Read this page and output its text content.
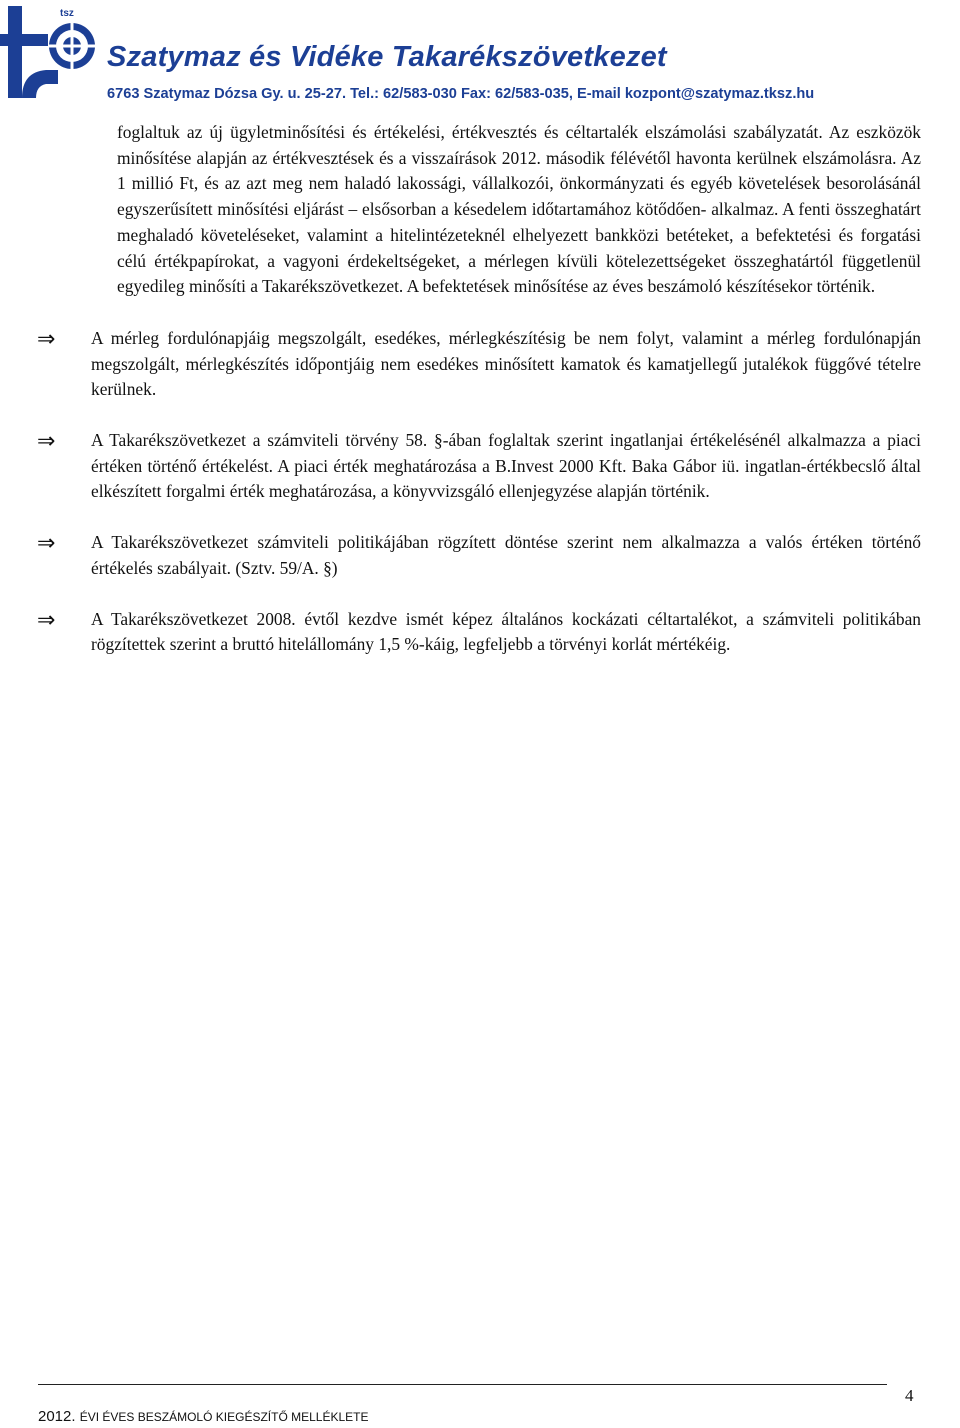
tsz
Szatymaz és Vidéke Takarékszövetkezet
6763 Szatymaz Dózsa Gy. u. 25-27. Tel.: 62/583-030 Fax: 62/583-035, E-mail kozpont@szatymaz.tksz.hu

foglaltuk az új ügyletminősítési és értékelési, értékvesztés és céltartalék elszámolási szabályzatát. Az eszközök minősítése alapján az értékvesztések és a visszaírások 2012. második félévétől havonta kerülnek elszámolásra. Az 1 millió Ft, és az azt meg nem haladó lakossági, vállalkozói, önkormányzati és egyéb követelések besorolásánál egyszerűsített minősítési eljárást – elsősorban a késedelem időtartamához kötődően- alkalmaz. A fenti összeghatárt meghaladó követeléseket, valamint a hitelintézeteknél elhelyezett bankközi betéteket, a befektetési és forgatási célú értékpapírokat, a vagyoni érdekeltségeket, a mérlegen kívüli kötelezettségeket összeghatártól függetlenül egyedileg minősíti a Takarékszövetkezet. A befektetések minősítése az éves beszámoló készítésekor történik.

⇒ A mérleg fordulónapjáig megszolgált, esedékes, mérlegkészítésig be nem folyt, valamint a mérleg fordulónapján megszolgált, mérlegkészítés időpontjáig nem esedékes minősített kamatok és kamatjellegű jutalékok függővé tételre kerülnek.

⇒ A Takarékszövetkezet a számviteli törvény 58. §-ában foglaltak szerint ingatlanjai értékelésénél alkalmazza a piaci értéken történő értékelést. A piaci érték meghatározása a B.Invest 2000 Kft. Baka Gábor iü. ingatlan-értékbecslő által elkészített forgalmi érték meghatározása, a könyvvizsgáló ellenjegyzése alapján történik.

⇒ A Takarékszövetkezet számviteli politikájában rögzített döntése szerint nem alkalmazza a valós értéken történő értékelés szabályait. (Sztv. 59/A. §)

⇒ A Takarékszövetkezet 2008. évtől kezdve ismét képez általános kockázati céltartalékot, a számviteli politikában rögzítettek szerint a bruttó hitelállomány 1,5 %-káig, legfeljebb a törvényi korlát mértékéig.

4
2012. ÉVI ÉVES BESZÁMOLÓ KIEGÉSZÍTŐ MELLÉKLETE
